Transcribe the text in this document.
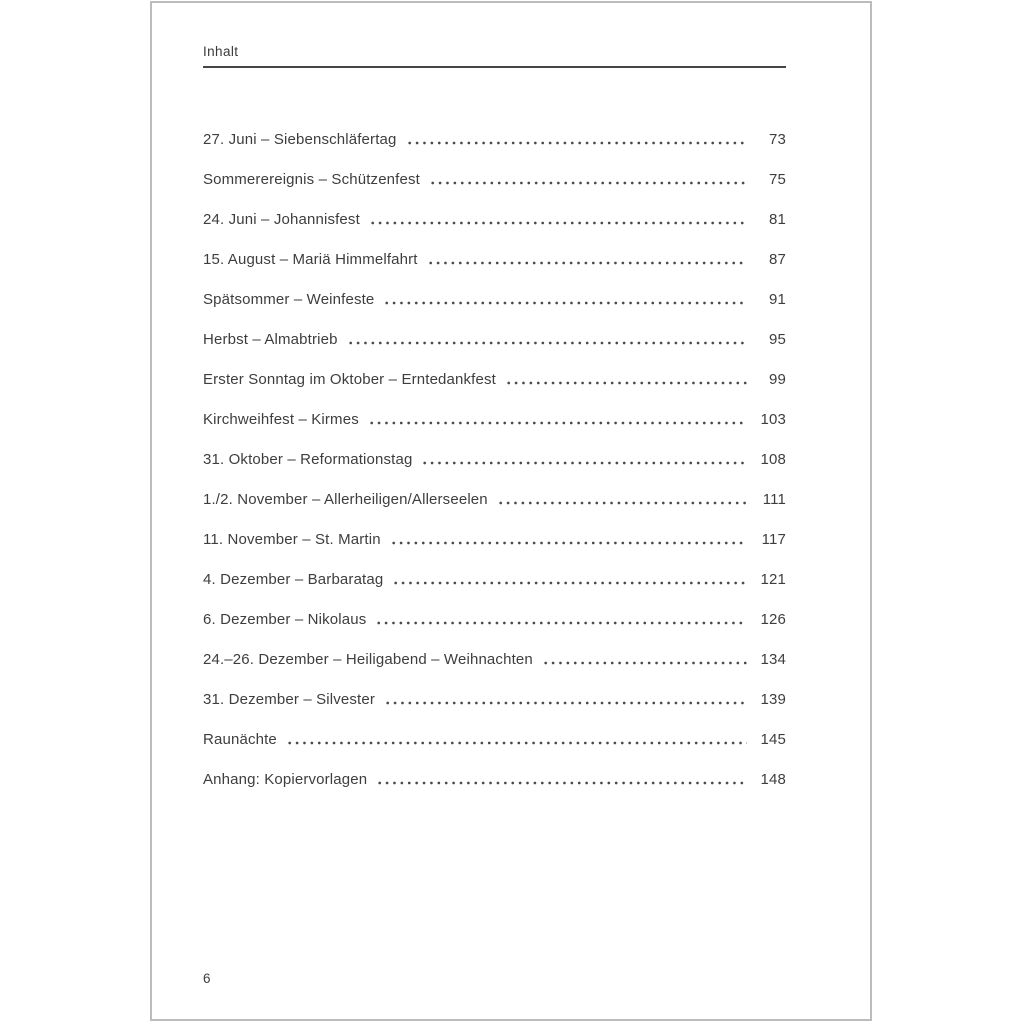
Inhalt
27. Juni – Siebenschläfertag	73
Sommerereignis – Schützenfest	75
24. Juni – Johannisfest	81
15. August – Mariä Himmelfahrt	87
Spätsommer – Weinfeste	91
Herbst – Almabtrieb	95
Erster Sonntag im Oktober – Erntedankfest	99
Kirchweihfest – Kirmes	103
31. Oktober – Reformationstag	108
1./2. November – Allerheiligen/Allerseelen	111
11. November – St. Martin	117
4. Dezember – Barbaratag	121
6. Dezember – Nikolaus	126
24.–26. Dezember – Heiligabend – Weihnachten	134
31. Dezember – Silvester	139
Raunächte	145
Anhang: Kopiervorlagen	148
6
